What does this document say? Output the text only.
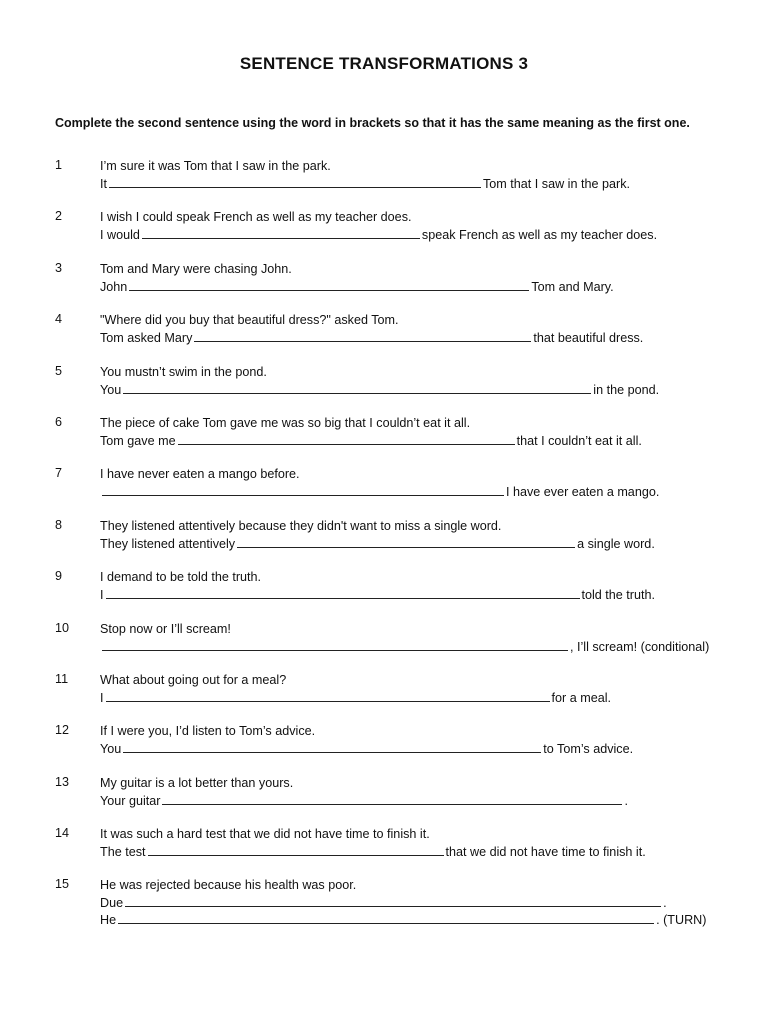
SENTENCE TRANSFORMATIONS 3
Complete the second sentence using the word in brackets so that it has the same meaning as the first one.
1	I’m sure it was Tom that I saw in the park.
It	Tom that I saw in the park.
2	I wish I could speak French as well as my teacher does.
I would	speak French as well as my teacher does.
3	Tom and Mary were chasing John.
John	Tom and Mary.
4	"Where did you buy that beautiful dress?" asked Tom.
Tom asked Mary	that beautiful dress.
5	You mustn’t swim in the pond.
You	in the pond.
6	The piece of cake Tom gave me was so big that I couldn’t eat it all.
Tom gave me	that I couldn’t eat it all.
7	I have never eaten a mango before.
I have ever eaten a mango.
8	They listened attentively because they didn't want to miss a single word.
They listened attentively	a single word.
9	I demand to be told the truth.
I	told the truth.
10 Stop now or I’ll scream!
, I’ll scream! (conditional)
11	What about going out for a meal?
I	for a meal.
12 If I were you, I’d listen to Tom’s advice.
You	to Tom’s advice.
13 My guitar is a lot better than yours.
Your guitar	.
14 It was such a hard test that we did not have time to finish it.
The test	that we did not have time to finish it.
15 He was rejected because his health was poor.
Due	.
He	. (TURN)
